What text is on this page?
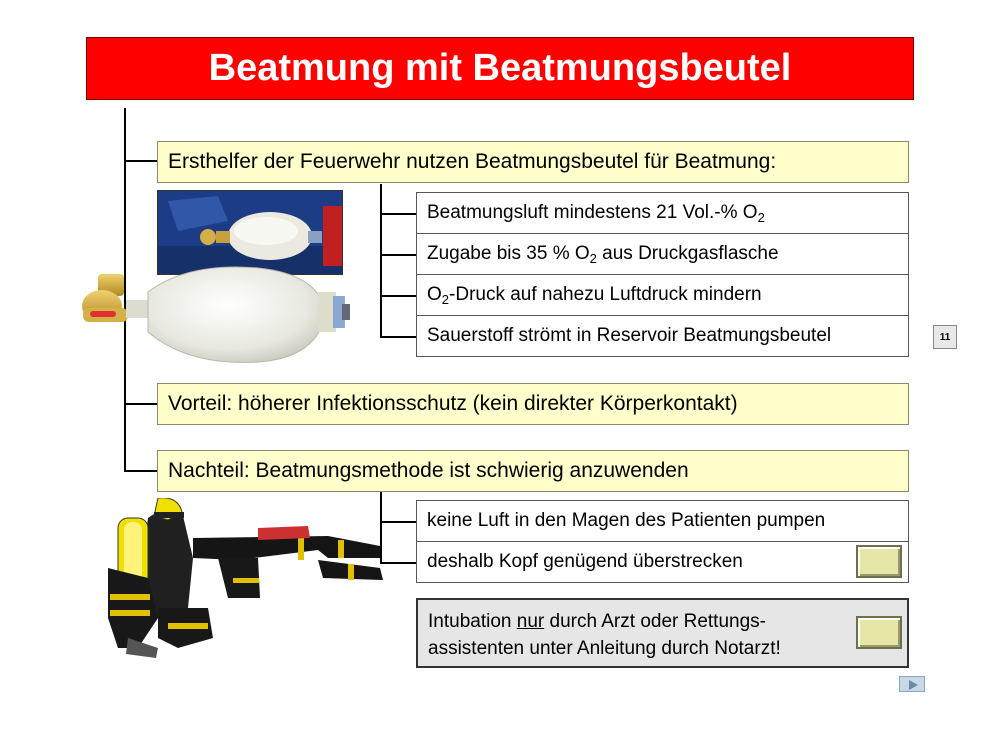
Beatmung mit Beatmungsbeutel
Ersthelfer der Feuerwehr nutzen Beatmungsbeutel für Beatmung:
Beatmungsluft mindestens 21 Vol.-% $O_2$
Zugabe bis 35 % $O_2$ aus Druckgasflasche
$O_2$-Druck auf nahezu Luftdruck mindern
Sauerstoff strömt in Reservoir Beatmungsbeutel	11
Vorteil: höherer Infektionsschutz (kein direkter Körperkontakt)
Nachteil: Beatmungsmethode ist schwierig anzuwenden
keine Luft in den Magen des Patienten pumpen
deshalb Kopf genügend überstrecken
Intubation nur durch Arzt oder Rettungs-assistenten unter Anleitung durch Notarzt!
